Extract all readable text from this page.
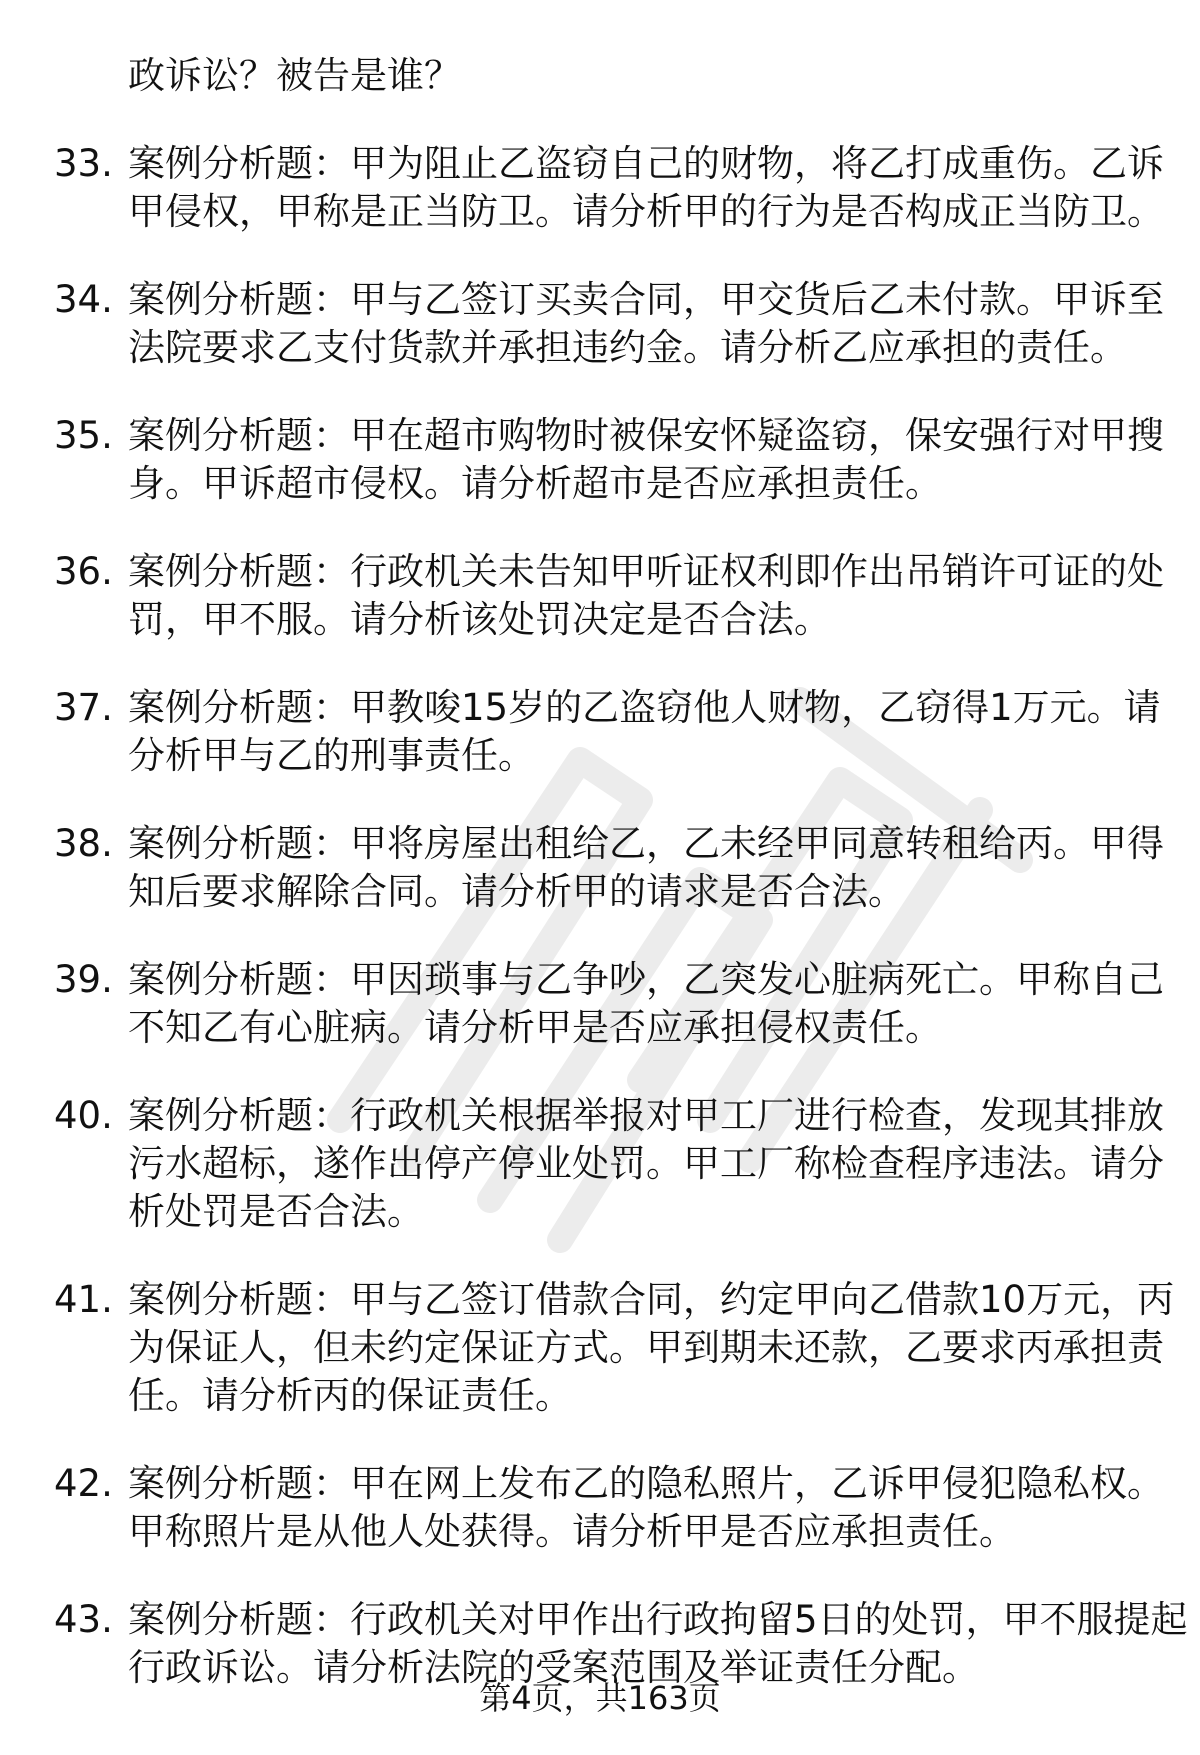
政诉讼？被告是谁？
33. 案例分析题：甲为阻止乙盗窃自己的财物，将乙打成重伤。乙诉
甲侵权，甲称是正当防卫。请分析甲的行为是否构成正当防卫。
34. 案例分析题：甲与乙签订买卖合同，甲交货后乙未付款。甲诉至
法院要求乙支付货款并承担违约金。请分析乙应承担的责任。
35. 案例分析题：甲在超市购物时被保安怀疑盗窃，保安强行对甲搜
身。甲诉超市侵权。请分析超市是否应承担责任。
36. 案例分析题：行政机关未告知甲听证权利即作出吊销许可证的处
罚，甲不服。请分析该处罚决定是否合法。
37. 案例分析题：甲教唆15岁的乙盗窃他人财物，乙窃得1万元。请
分析甲与乙的刑事责任。
38. 案例分析题：甲将房屋出租给乙，乙未经甲同意转租给丙。甲得
知后要求解除合同。请分析甲的请求是否合法。
39. 案例分析题：甲因琐事与乙争吵，乙突发心脏病死亡。甲称自己
不知乙有心脏病。请分析甲是否应承担侵权责任。
40. 案例分析题：行政机关根据举报对甲工厂进行检查，发现其排放
污水超标，遂作出停产停业处罚。甲工厂称检查程序违法。请分
析处罚是否合法。
41. 案例分析题：甲与乙签订借款合同，约定甲向乙借款10万元，丙
为保证人，但未约定保证方式。甲到期未还款，乙要求丙承担责
任。请分析丙的保证责任。
42. 案例分析题：甲在网上发布乙的隐私照片，乙诉甲侵犯隐私权。
甲称照片是从他人处获得。请分析甲是否应承担责任。
43. 案例分析题：行政机关对甲作出行政拘留5日的处罚，甲不服提起
行政诉讼。请分析法院的受案范围及举证责任分配。
第4页，共163页
